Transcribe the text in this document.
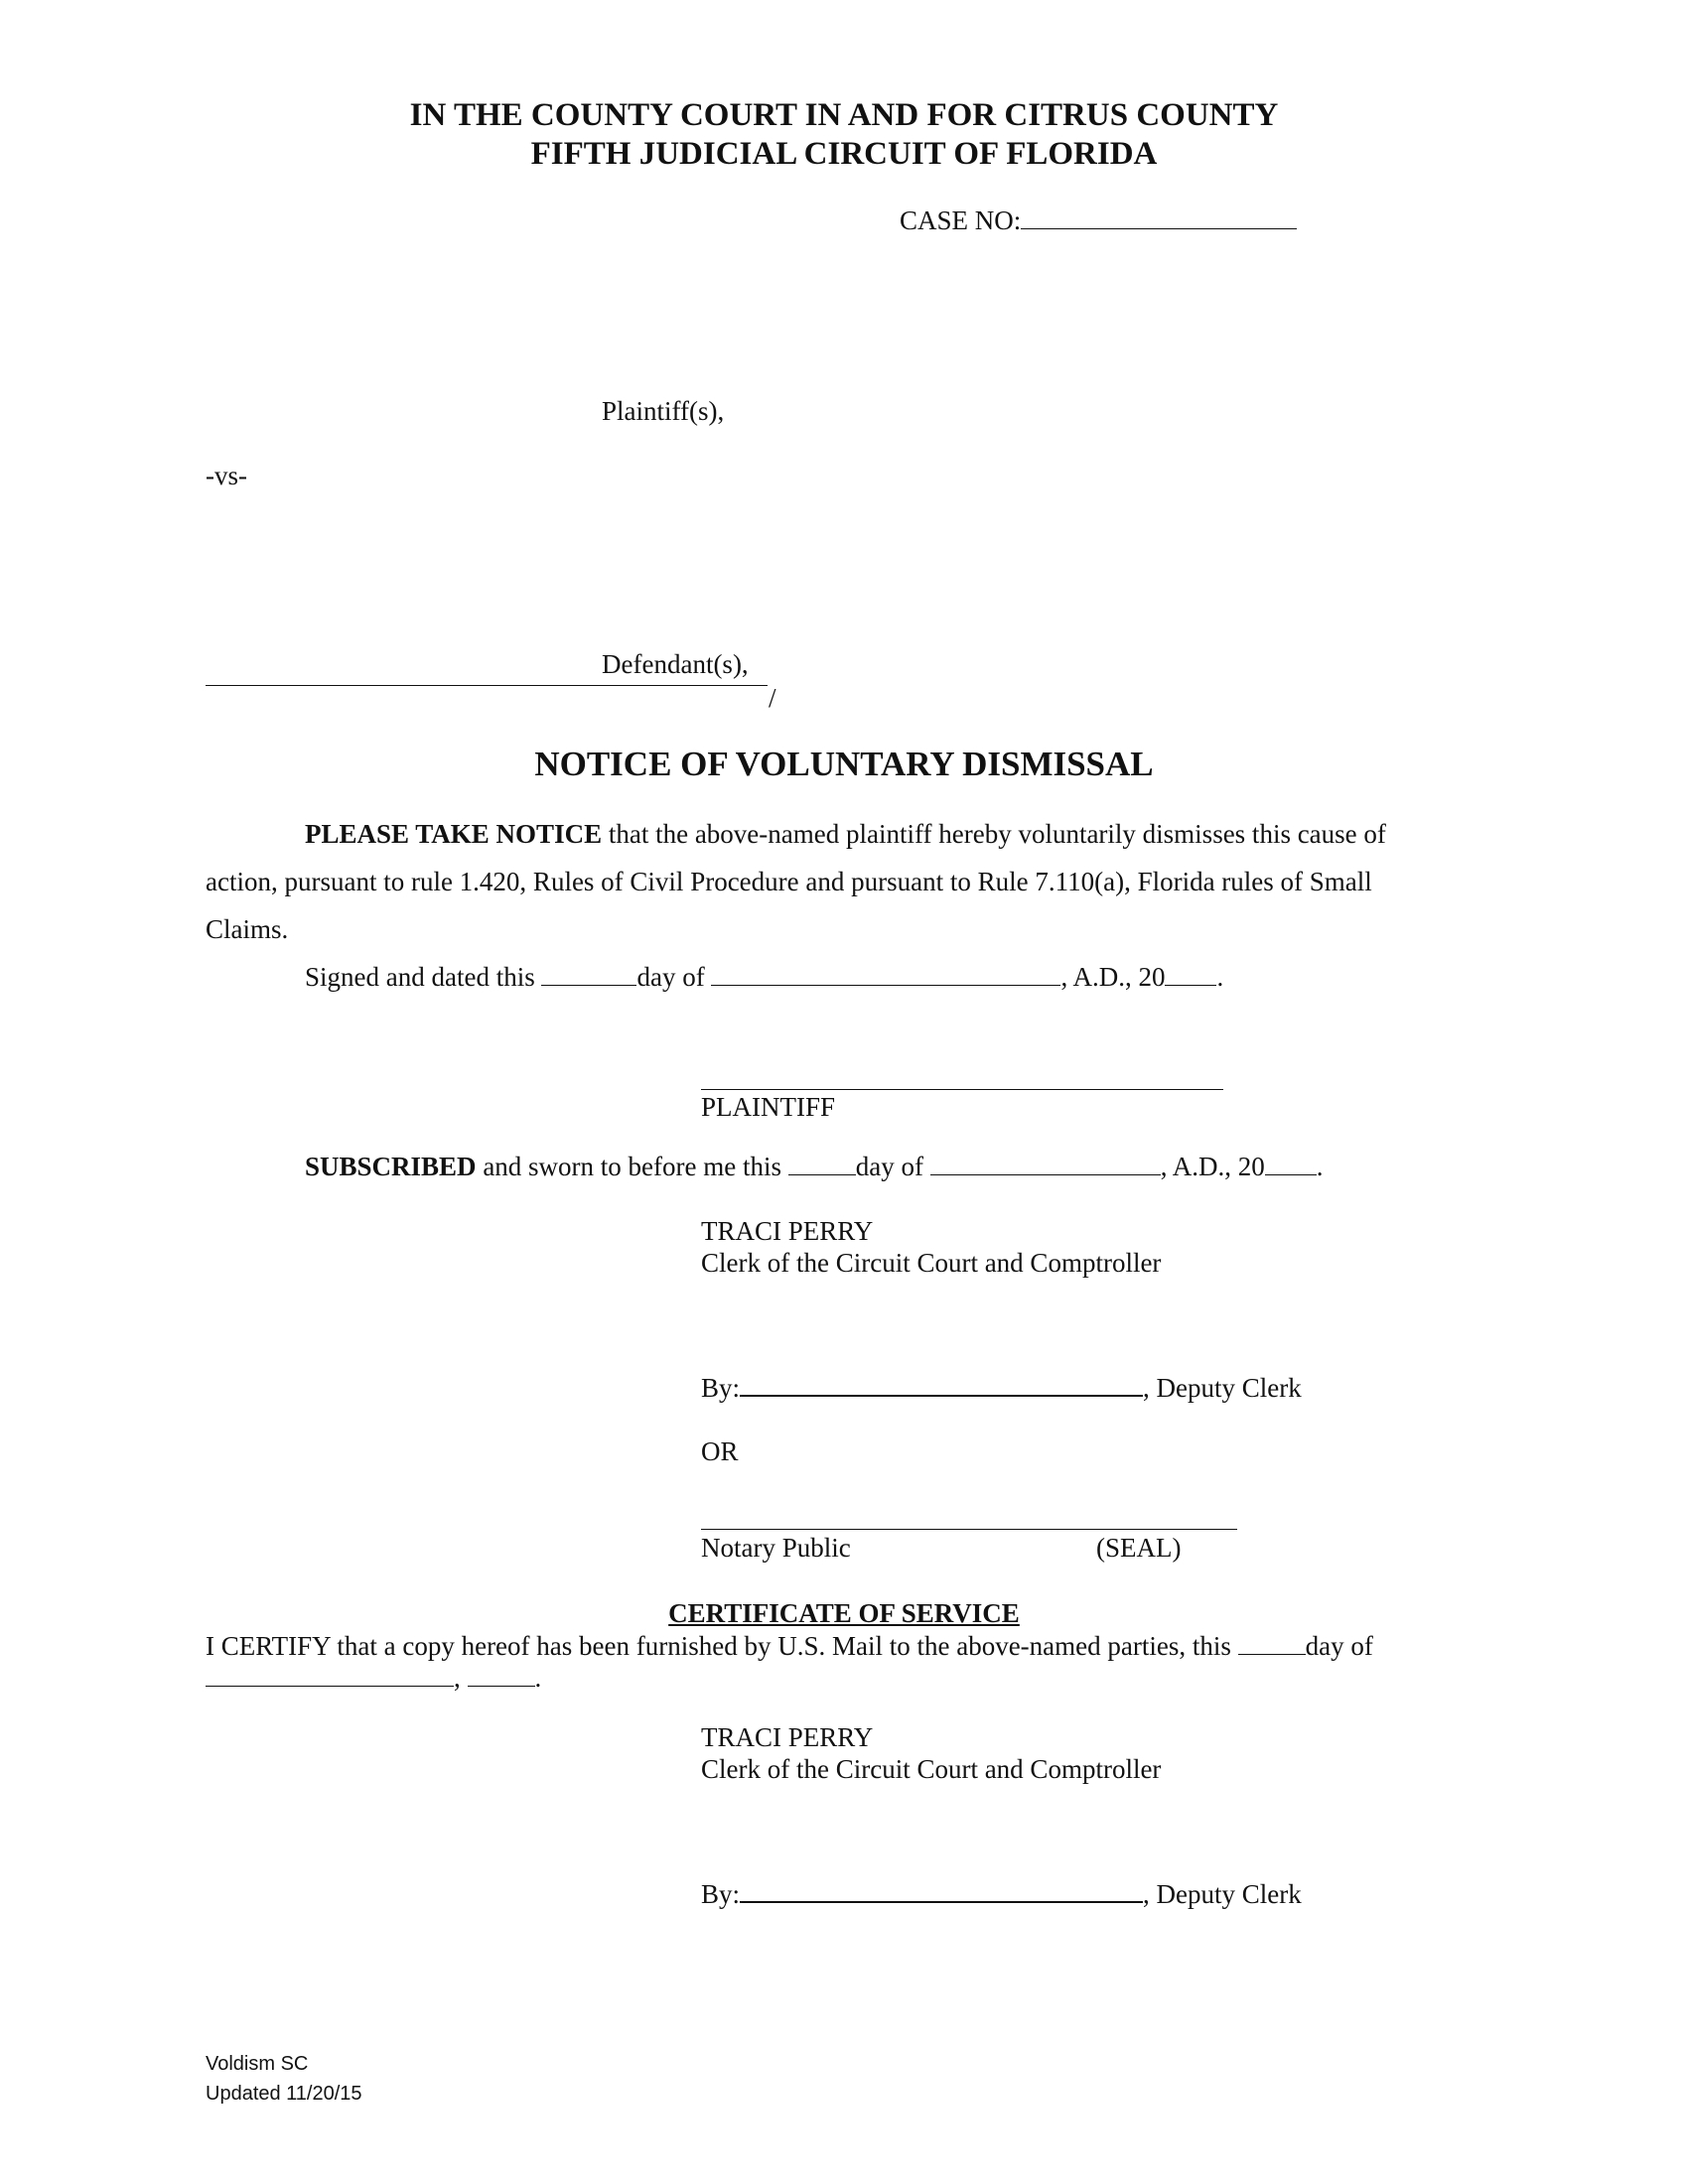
IN THE COUNTY COURT IN AND FOR CITRUS COUNTY
FIFTH JUDICIAL CIRCUIT OF FLORIDA
CASE NO:
Plaintiff(s),
-vs-
Defendant(s),
/
NOTICE OF VOLUNTARY DISMISSAL
PLEASE TAKE NOTICE that the above-named plaintiff hereby voluntarily dismisses this cause of
action, pursuant to rule 1.420, Rules of Civil Procedure and pursuant to Rule 7.110(a), Florida rules of Small
Claims.
Signed and dated this	day of	, A.D., 20 .
PLAINTIFF
SUBSCRIBED and sworn to before me this	day of	, A.D., 20 .
TRACI PERRY
Clerk of the Circuit Court and Comptroller
By:	, Deputy Clerk
OR
Notary Public	(SEAL)
CERTIFICATE OF SERVICE
I CERTIFY that a copy hereof has been furnished by U.S. Mail to the above-named parties, this	day of
,	.
TRACI PERRY
Clerk of the Circuit Court and Comptroller
By:	, Deputy Clerk
Voldism SC
Updated 11/20/15
